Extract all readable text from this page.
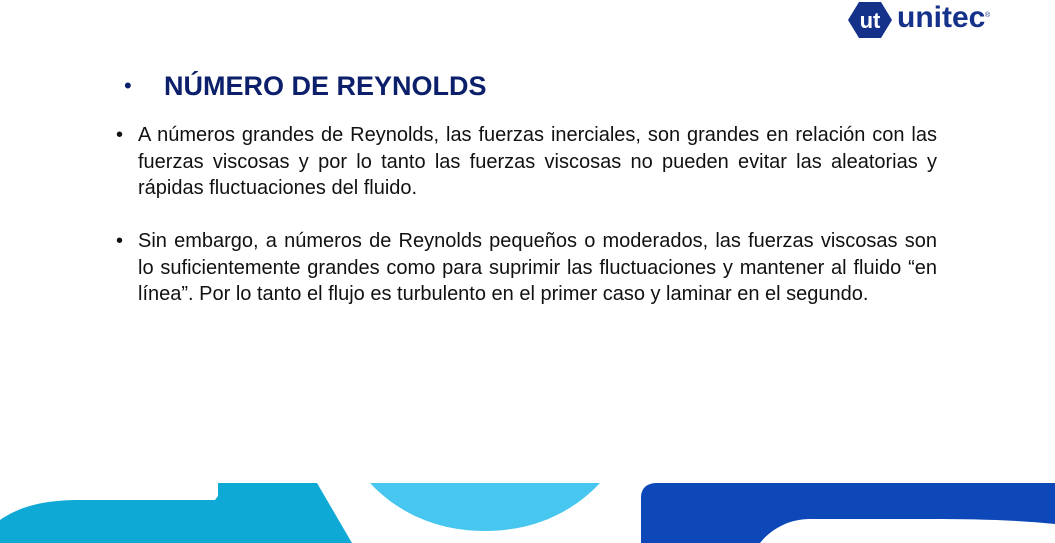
ut unitec ®
• NÚMERO DE REYNOLDS
• A números grandes de Reynolds, las fuerzas inerciales, son grandes en relación con las fuerzas viscosas y por lo tanto las fuerzas viscosas no pueden evitar las aleatorias y rápidas fluctuaciones del fluido.
• Sin embargo, a números de Reynolds pequeños o moderados, las fuerzas viscosas son lo suficientemente grandes como para suprimir las fluctuaciones y mantener al fluido “en línea”. Por lo tanto el flujo es turbulento en el primer caso y laminar en el segundo.
